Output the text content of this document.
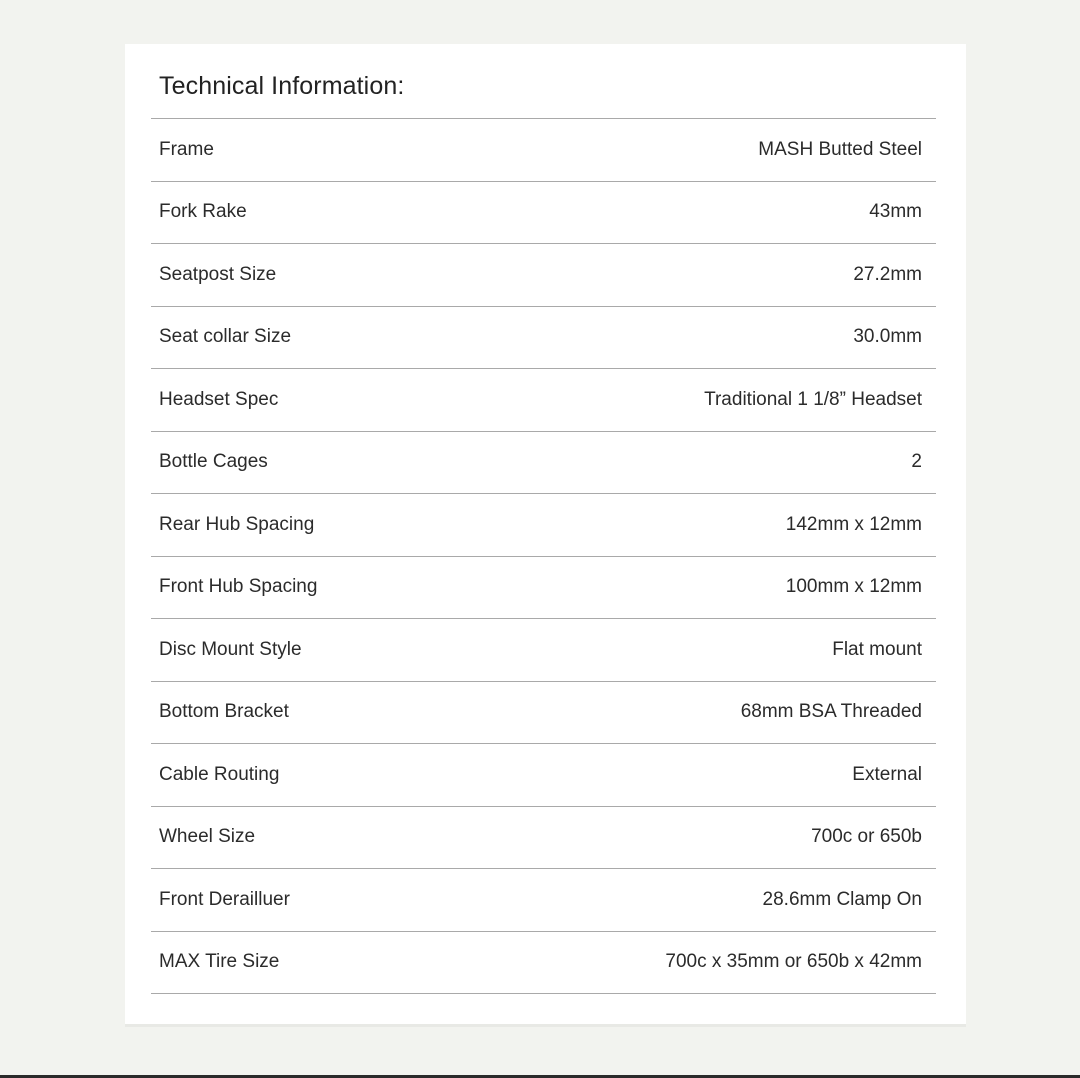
Technical Information:
Frame	MASH Butted Steel
Fork Rake	43mm
Seatpost Size	27.2mm
Seat collar Size	30.0mm
Headset Spec	Traditional 1 1/8” Headset
Bottle Cages	2
Rear Hub Spacing	142mm x 12mm
Front Hub Spacing	100mm x 12mm
Disc Mount Style	Flat mount
Bottom Bracket	68mm BSA Threaded
Cable Routing	External
Wheel Size	700c or 650b
Front Derailluer	28.6mm Clamp On
MAX Tire Size	700c x 35mm or 650b x 42mm
